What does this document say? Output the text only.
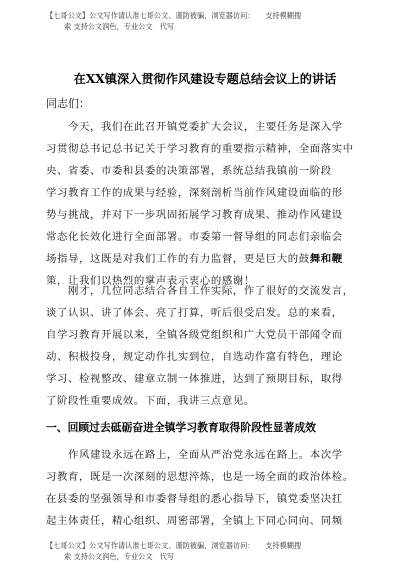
【七哥公文】公文写作请认准七哥公文、谨防被骗，浏览器访问：　　支持模糊搜
索 支持公文润色，专业公文　代写
在XX镇深入贯彻作风建设专题总结会议上的讲话
同志们：
今天，我们在此召开镇党委扩大会议，主要任务是深入学
习贯彻总书记总书记关于学习教育的重要指示精神，全面落实中
央、省委、市委和县委的决策部署，系统总结我镇前一阶段
学习教育工作的成果与经验，深刻剖析当前作风建设面临的形
势与挑战，并对下一步巩固拓展学习教育成果、推动作风建设
常态化长效化进行全面部署。市委第一督导组的同志们亲临会
场指导，这既是对我们工作的有力监督，更是巨大的鼓舞和鞭
策，让我们以热烈的掌声表示衷心的感谢！
刚才，几位同志结合各自工作实际，作了很好的交流发言，
谈了认识、讲了体会、亮了打算，听后很受启发。总的来看，
自学习教育开展以来，全镇各级党组织和广大党员干部闻令而
动、积极投身，规定动作扎实到位，自选动作富有特色，理论
学习、检视整改、建章立制一体推进，达到了预期目标，取得
了阶段性重要成效。下面，我讲三点意见。
一、回顾过去砥砺奋进全镇学习教育取得阶段性显著成效
作风建设永远在路上，全面从严治党永远在路上。本次学
习教育，既是一次深刻的思想淬炼，也是一场全面的政治体检。
在县委的坚强领导和市委督导组的悉心指导下，镇党委坚决扛
起主体责任，精心组织、周密部署，全镇上下同心同向、同频
【七哥公文】公文写作请认准七哥公文、谨防被骗，浏览器访问：　　支持模糊搜
索 支持公文润色，专业公文　代写
